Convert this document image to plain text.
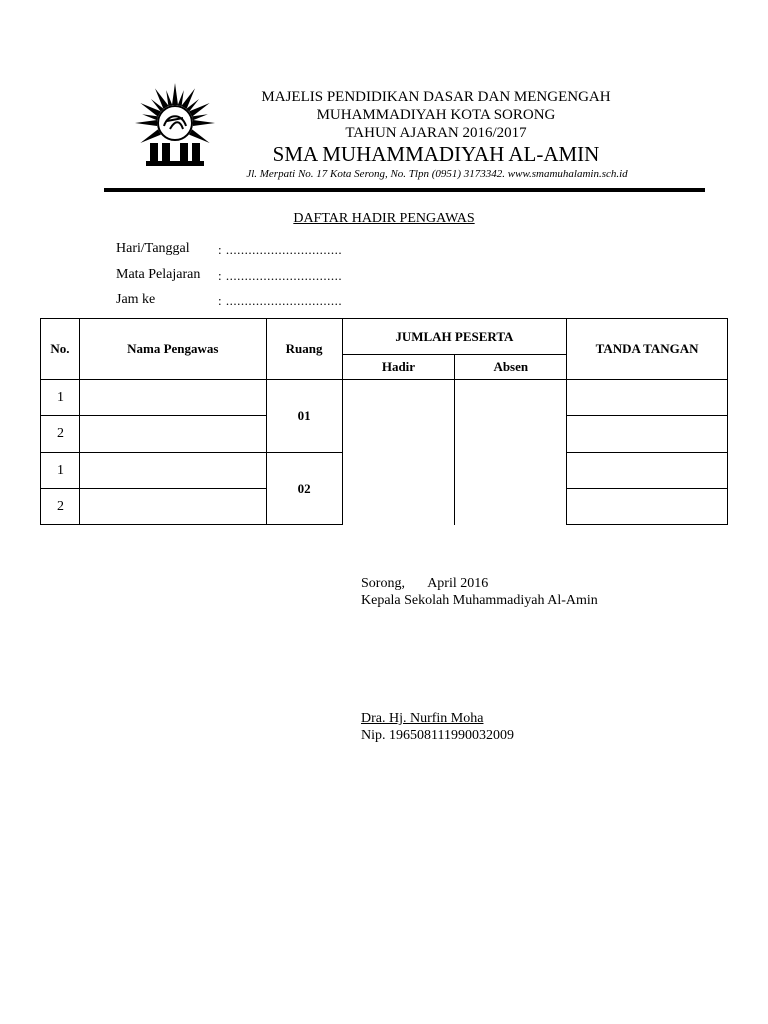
MAJELIS PENDIDIKAN DASAR DAN MENGENGAH
MUHAMMADIYAH KOTA SORONG
TAHUN AJARAN 2016/2017
SMA MUHAMMADIYAH AL-AMIN
Jl. Merpati No. 17 Kota Serong, No. Tlpn (0951) 3173342. www.smamuhalamin.sch.id
DAFTAR HADIR PENGAWAS
Hari/Tanggal : ...............................
Mata Pelajaran : ...............................
Jam ke	: ...............................
No.	Nama Pengawas	Ruang	JUMLAH PESERTA		TANDA TANGAN
			Hadir	Absen	
1		01			
2					
1		02			
2					
Sorong, April 2016
Kepala Sekolah Muhammadiyah Al-Amin
Dra. Hj. Nurfin Moha
Nip. 196508111990032009
